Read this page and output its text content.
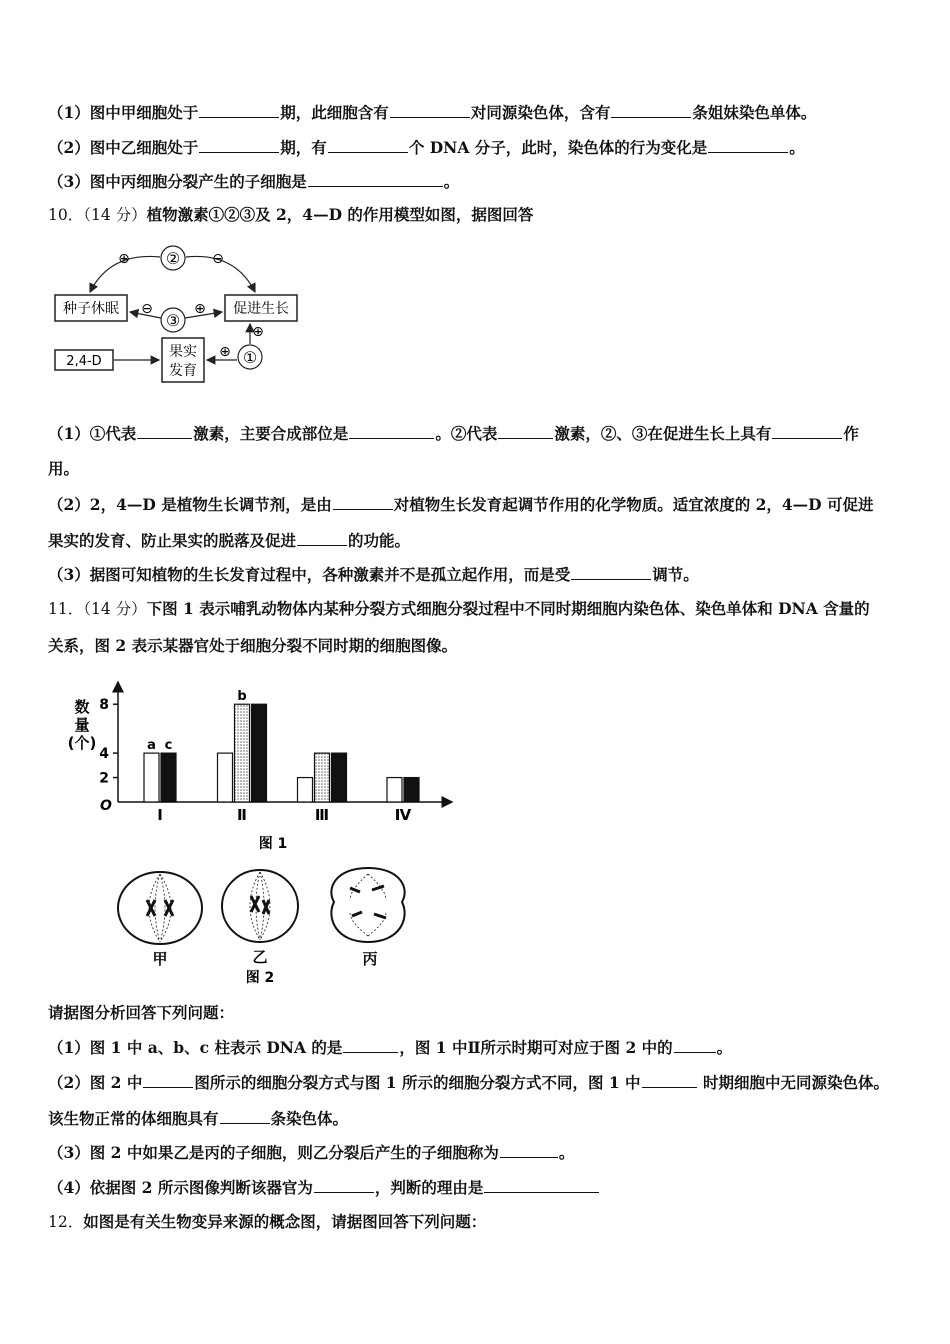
（1）图中甲细胞处于	期，此细胞含有	对同源染色体，含有	条姐妹染色单体。
（2）图中乙细胞处于	期，有	个 DNA 分子，此时，染色体的行为变化是	。
（3）图中丙细胞分裂产生的子细胞是	。
10．（14 分）植物激素①②③及 2，4—D 的作用模型如图，据图回答
种子休眠	促进生长
果实
发育
2,4-D
②
③
①
⊕	⊖
⊖	⊕
⊕
⊕
（1）①代表	激素，主要合成部位是	。②代表	激素，②、③在促进生长上具有	作
用。
（2）2，4—D 是植物生长调节剂，是由	对植物生长发育起调节作用的化学物质。适宜浓度的 2，4—D 可促进
果实的发育、防止果实的脱落及促进	的功能。
（3）据图可知植物的生长发育过程中，各种激素并不是孤立起作用，而是受	调节。
11．（14 分）下图 1 表示哺乳动物体内某种分裂方式细胞分裂过程中不同时期细胞内染色体、染色单体和 DNA 含量的
关系，图 2 表示某器官处于细胞分裂不同时期的细胞图像。
数
量
(个)
O
图 1
2
4
8
a c
Ⅰ
b
Ⅱ	Ⅲ	Ⅳ
甲	乙
图 2
丙
请据图分析回答下列问题：
（1）图 1 中 a、b、c 柱表示 DNA 的是	，图 1 中Ⅱ所示时期可对应于图 2 中的	。
（2）图 2 中	图所示的细胞分裂方式与图 1 所示的细胞分裂方式不同，图 1 中	时期细胞中无同源染色体。
该生物正常的体细胞具有	条染色体。
（3）图 2 中如果乙是丙的子细胞，则乙分裂后产生的子细胞称为	。
（4）依据图 2 所示图像判断该器官为	，判断的理由是
12．如图是有关生物变异来源的概念图，请据图回答下列问题：
